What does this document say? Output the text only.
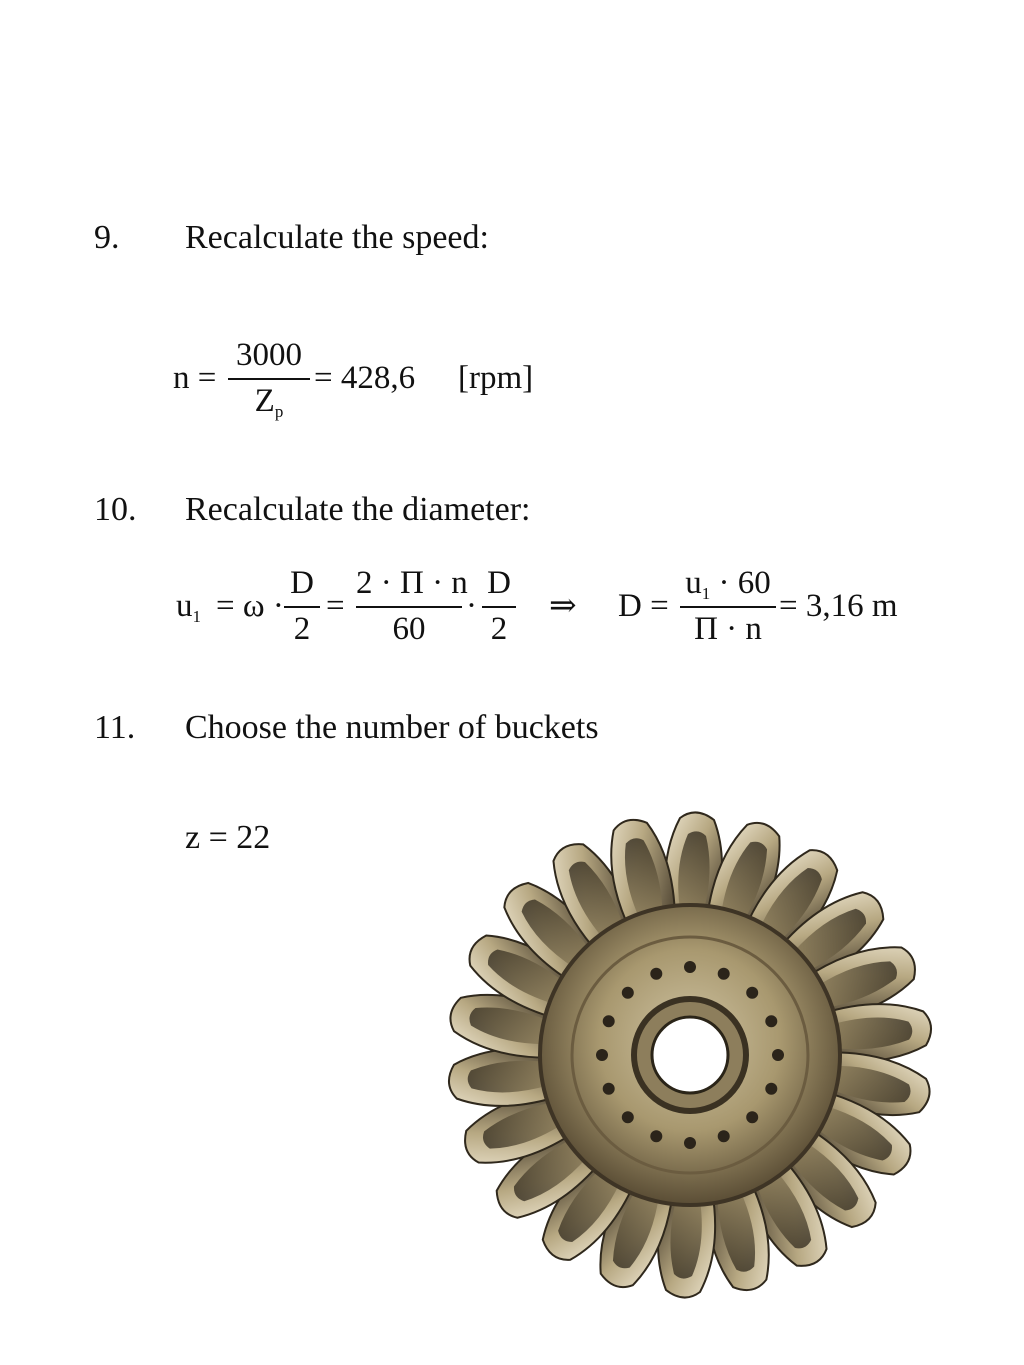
9. Recalculate the speed:
n =
3000
$Z_p$
= 428,6 [rpm]
10. Recalculate the diameter:
$u_1 = \omega$ ·
D
2
=
2 · Π · n
60
·
D
2
⇒ D =
$u_1 \cdot 60$
Π · n
= 3,16 m
11. Choose the number of buckets
z = 22
